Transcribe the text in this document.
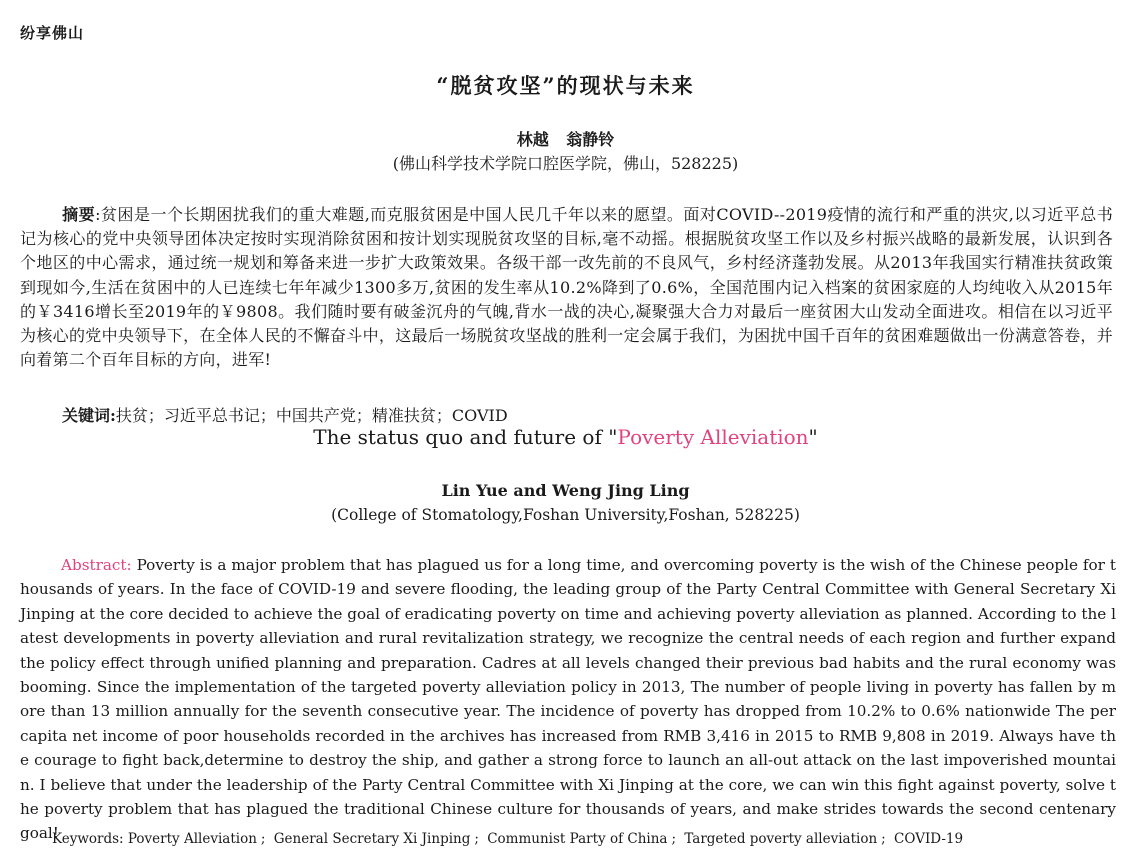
纷享佛山
“脱贫攻坚”的现状与未来
林越 翁静铃
(佛山科学技术学院口腔医学院，佛山，528225)
摘要:贫困是一个长期困扰我们的重大难题,而克服贫困是中国人民几千年以来的愿望。面对COVID--2019疫情的流行和严重的洪灾,以习近平总书记为核心的党中央领导团体决定按时实现消除贫困和按计划实现脱贫攻坚的目标,毫不动摇。根据脱贫攻坚工作以及乡村振兴战略的最新发展，认识到各个地区的中心需求，通过统一规划和筹备来进一步扩大政策效果。各级干部一改先前的不良风气，乡村经济蓬勃发展。从2013年我国实行精准扶贫政策到现如今,生活在贫困中的人已连续七年年减少1300多万,贫困的发生率从10.2%降到了0.6%，全国范围内记入档案的贫困家庭的人均纯收入从2015年的￥3416增长至2019年的￥9808。我们随时要有破釜沉舟的气魄,背水一战的决心,凝聚强大合力对最后一座贫困大山发动全面进攻。相信在以习近平为核心的党中央领导下，在全体人民的不懈奋斗中，这最后一场脱贫攻坚战的胜利一定会属于我们，为困扰中国千百年的贫困难题做出一份满意答卷，并向着第二个百年目标的方向，进军!
关键词:扶贫；习近平总书记；中国共产党；精准扶贫；COVID
The status quo and future of "Poverty Alleviation"
Lin Yue and Weng Jing Ling
(College of Stomatology,Foshan University,Foshan, 528225)
Abstract: Poverty is a major problem that has plagued us for a long time, and overcoming poverty is the wish of the Chinese people for thousands of years. In the face of COVID-19 and severe flooding, the leading group of the Party Central Committee with General Secretary Xi Jinping at the core decided to achieve the goal of eradicating poverty on time and achieving poverty alleviation as planned. According to the latest developments in poverty alleviation and rural revitalization strategy, we recognize the central needs of each region and further expand the policy effect through unified planning and preparation. Cadres at all levels changed their previous bad habits and the rural economy was booming. Since the implementation of the targeted poverty alleviation policy in 2013, The number of people living in poverty has fallen by more than 13 million annually for the seventh consecutive year. The incidence of poverty has dropped from 10.2% to 0.6% nationwide The per capita net income of poor households recorded in the archives has increased from RMB 3,416 in 2015 to RMB 9,808 in 2019. Always have the courage to fight back,determine to destroy the ship, and gather a strong force to launch an all-out attack on the last impoverished mountain. I believe that under the leadership of the Party Central Committee with Xi Jinping at the core, we can win this fight against poverty, solve the poverty problem that has plagued the traditional Chinese culture for thousands of years, and make strides towards the second centenary goal!
Keywords: Poverty Alleviation ; General Secretary Xi Jinping ; Communist Party of China ; Targeted poverty alleviation ; COVID-19
